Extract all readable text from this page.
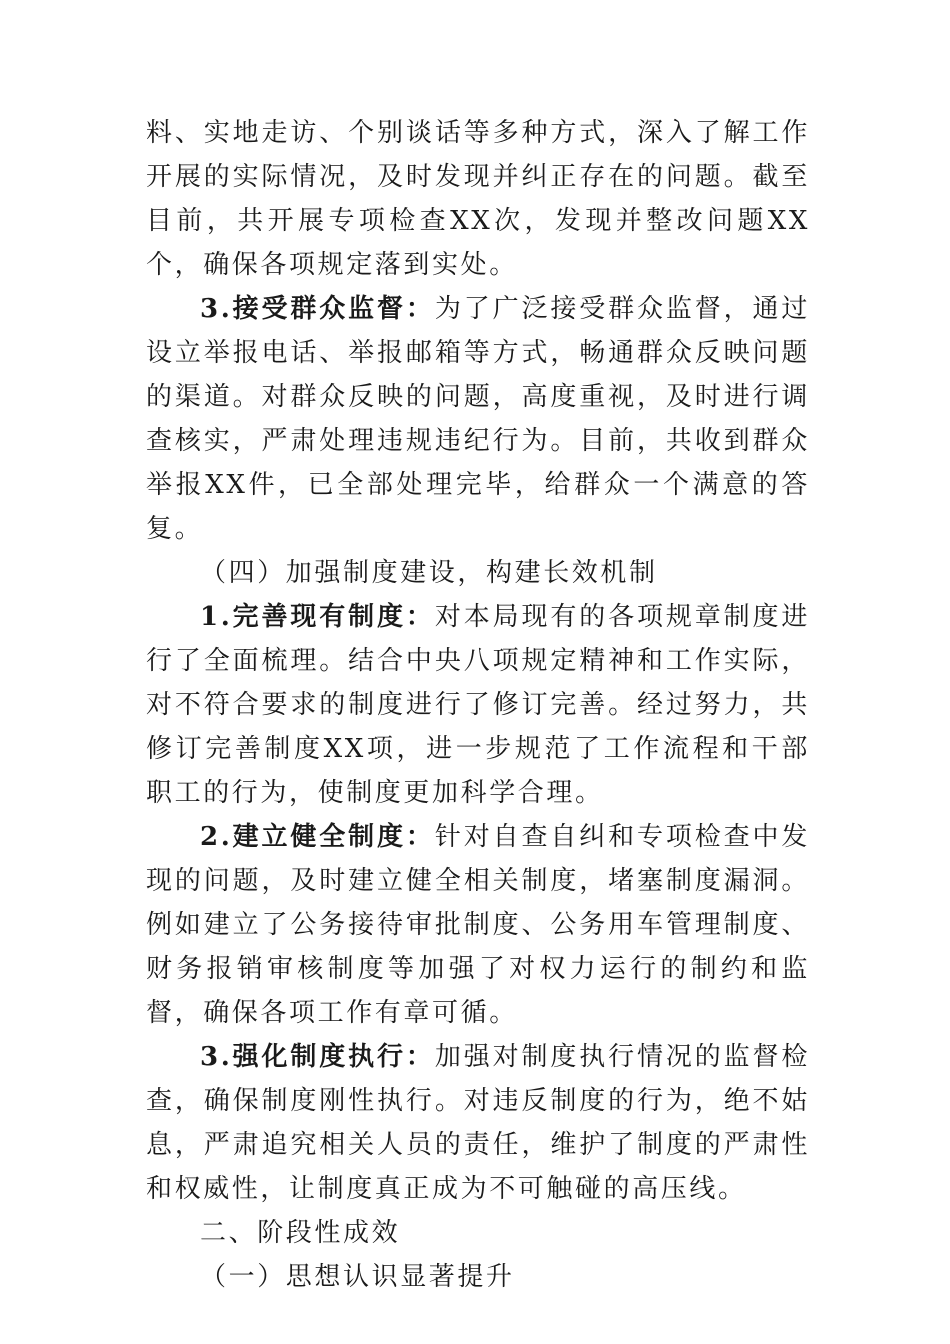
料、实地走访、个别谈话等多种方式，深入了解工作开展的实际情况，及时发现并纠正存在的问题。截至目前，共开展专项检查XX次，发现并整改问题XX个，确保各项规定落到实处。

3.接受群众监督：为了广泛接受群众监督，通过设立举报电话、举报邮箱等方式，畅通群众反映问题的渠道。对群众反映的问题，高度重视，及时进行调查核实，严肃处理违规违纪行为。目前，共收到群众举报XX件，已全部处理完毕，给群众一个满意的答复。

（四）加强制度建设，构建长效机制

1.完善现有制度：对本局现有的各项规章制度进行了全面梳理。结合中央八项规定精神和工作实际，对不符合要求的制度进行了修订完善。经过努力，共修订完善制度XX项，进一步规范了工作流程和干部职工的行为，使制度更加科学合理。

2.建立健全制度：针对自查自纠和专项检查中发现的问题，及时建立健全相关制度，堵塞制度漏洞。例如建立了公务接待审批制度、公务用车管理制度、财务报销审核制度等加强了对权力运行的制约和监督，确保各项工作有章可循。

3.强化制度执行：加强对制度执行情况的监督检查，确保制度刚性执行。对违反制度的行为，绝不姑息，严肃追究相关人员的责任，维护了制度的严肃性和权威性，让制度真正成为不可触碰的高压线。

二、阶段性成效

（一）思想认识显著提升
